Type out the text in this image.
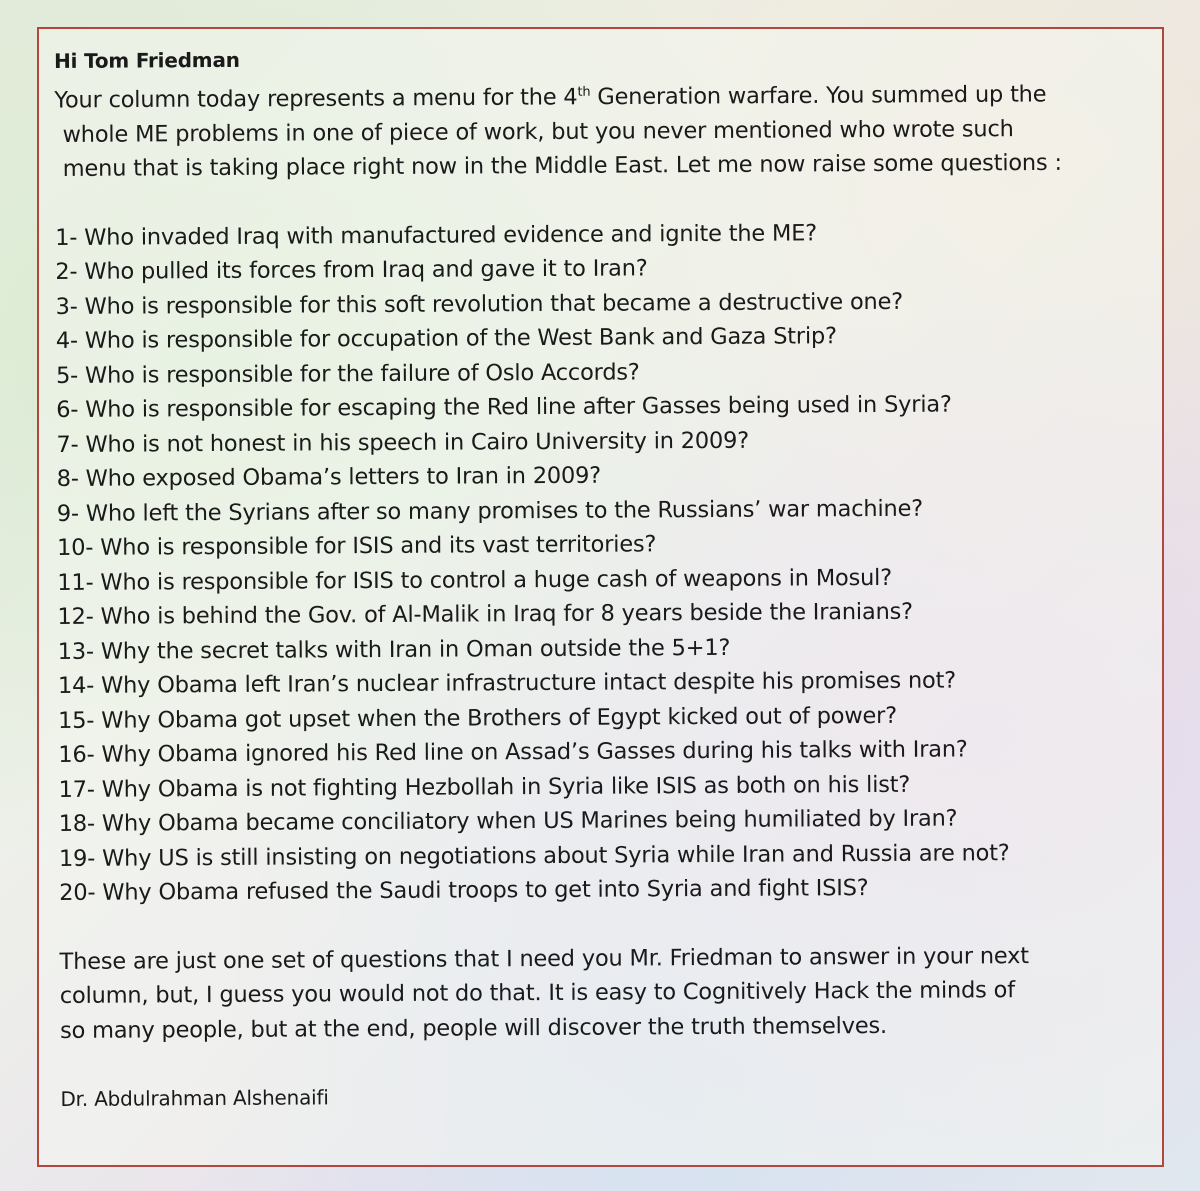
Hi Tom Friedman

Your column today represents a menu for the 4th Generation warfare. You summed up the

whole ME problems in one of piece of work, but you never mentioned who wrote such

menu that is taking place right now in the Middle East. Let me now raise some questions :

1- Who invaded Iraq with manufactured evidence and ignite the ME?
2- Who pulled its forces from Iraq and gave it to Iran?
3- Who is responsible for this soft revolution that became a destructive one?
4- Who is responsible for occupation of the West Bank and Gaza Strip?
5- Who is responsible for the failure of Oslo Accords?
6- Who is responsible for escaping the Red line after Gasses being used in Syria?
7- Who is not honest in his speech in Cairo University in 2009?
8- Who exposed Obama’s letters to Iran in 2009?
9- Who left the Syrians after so many promises to the Russians’ war machine?
10- Who is responsible for ISIS and its vast territories?
11- Who is responsible for ISIS to control a huge cash of weapons in Mosul?
12- Who is behind the Gov. of Al-Malik in Iraq for 8 years beside the Iranians?
13- Why the secret talks with Iran in Oman outside the 5+1?
14- Why Obama left Iran’s nuclear infrastructure intact despite his promises not?
15- Why Obama got upset when the Brothers of Egypt kicked out of power?
16- Why Obama ignored his Red line on Assad’s Gasses during his talks with Iran?
17- Why Obama is not fighting Hezbollah in Syria like ISIS as both on his list?
18- Why Obama became conciliatory when US Marines being humiliated by Iran?
19- Why US is still insisting on negotiations about Syria while Iran and Russia are not?
20- Why Obama refused the Saudi troops to get into Syria and fight ISIS?

These are just one set of questions that I need you Mr. Friedman to answer in your next

column, but, I guess you would not do that. It is easy to Cognitively Hack the minds of

so many people, but at the end, people will discover the truth themselves.

Dr. Abdulrahman Alshenaifi
